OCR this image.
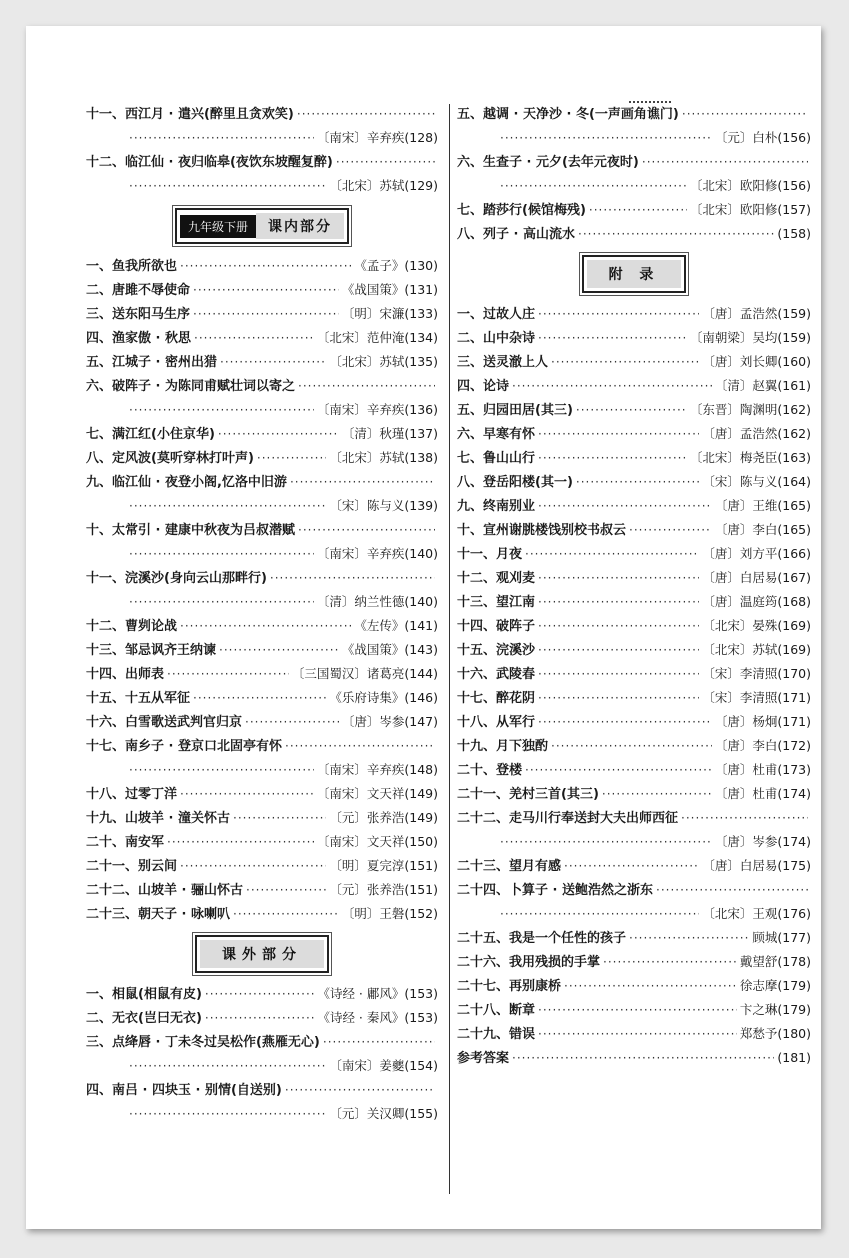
十一、西江月 · 遣兴(醉里且贪欢笑)
·····
·····
〔南宋〕辛弃疾(128)
十二、临江仙 · 夜归临皋(夜饮东坡醒复醉)
·····
·····
〔北宋〕苏轼(129)
九年级下册	课内部分
一、鱼我所欲也 ·····	《孟子》(130)
二、唐雎不辱使命 ·····	《战国策》(131)
三、送东阳马生序 ·····	〔明〕宋濂(133)
四、渔家傲 · 秋思 ·····	〔北宋〕范仲淹(134)
五、江城子 · 密州出猎 ·····	〔北宋〕苏轼(135)
六、破阵子 · 为陈同甫赋壮词以寄之
·····
·····
〔南宋〕辛弃疾(136)
七、满江红(小住京华) ·····	〔清〕秋瑾(137)
八、定风波(莫听穿林打叶声) ·····	〔北宋〕苏轼(138)
九、临江仙 · 夜登小阁,忆洛中旧游
·····
·····
〔宋〕陈与义(139)
十、太常引 · 建康中秋夜为吕叔潜赋
·····
·····
〔南宋〕辛弃疾(140)
十一、浣溪沙(身向云山那畔行)
·····
·····
〔清〕纳兰性德(140)
十二、曹刿论战 ·····	《左传》(141)
十三、邹忌讽齐王纳谏 ·····	《战国策》(143)
十四、出师表 ·····	〔三国蜀汉〕诸葛亮(144)
十五、十五从军征 ·····	《乐府诗集》(146)
十六、白雪歌送武判官归京 ·····	〔唐〕岑参(147)
十七、南乡子 · 登京口北固亭有怀
·····
·····
〔南宋〕辛弃疾(148)
十八、过零丁洋 ·····	〔南宋〕文天祥(149)
十九、山坡羊 · 潼关怀古 ·····	〔元〕张养浩(149)
二十、南安军 ·····	〔南宋〕文天祥(150)
二十一、别云间 ·····	〔明〕夏完淳(151)
二十二、山坡羊 · 骊山怀古 ·····	〔元〕张养浩(151)
二十三、朝天子 · 咏喇叭 ·····	〔明〕王磐(152)
课外部分
一、相鼠(相鼠有皮) ·····	《诗经 · 鄘风》(153)
二、无衣(岂曰无衣) ·····	《诗经 · 秦风》(153)
三、点绛唇 · 丁未冬过吴松作(燕雁无心)
·····
·····
〔南宋〕姜夔(154)
四、南吕 · 四块玉 · 别情(自送别)
·····
·····
〔元〕关汉卿(155)
五、越调 · 天净沙 · 冬(一声画角谯门)
·····
·····
〔元〕白朴(156)
六、生查子 · 元夕(去年元夜时)
·····
·····
〔北宋〕欧阳修(156)
七、踏莎行(候馆梅残) ·····	〔北宋〕欧阳修(157)
八、列子 · 高山流水 ·····	(158)
附 录
一、过故人庄 ·····	〔唐〕孟浩然(159)
二、山中杂诗 ·····	〔南朝梁〕吴均(159)
三、送灵澈上人 ·····	〔唐〕刘长卿(160)
四、论诗 ·····	〔清〕赵翼(161)
五、归园田居(其三) ·····	〔东晋〕陶渊明(162)
六、早寒有怀 ·····	〔唐〕孟浩然(162)
七、鲁山山行 ·····	〔北宋〕梅尧臣(163)
八、登岳阳楼(其一) ·····	〔宋〕陈与义(164)
九、终南别业 ·····	〔唐〕王维(165)
十、宣州谢朓楼饯别校书叔云 ·····	〔唐〕李白(165)
十一、月夜 ·····	〔唐〕刘方平(166)
十二、观刈麦 ·····	〔唐〕白居易(167)
十三、望江南 ·····	〔唐〕温庭筠(168)
十四、破阵子 ·····	〔北宋〕晏殊(169)
十五、浣溪沙 ·····	〔北宋〕苏轼(169)
十六、武陵春 ·····	〔宋〕李清照(170)
十七、醉花阴 ·····	〔宋〕李清照(171)
十八、从军行 ·····	〔唐〕杨炯(171)
十九、月下独酌 ·····	〔唐〕李白(172)
二十、登楼 ·····	〔唐〕杜甫(173)
二十一、羌村三首(其三) ·····	〔唐〕杜甫(174)
二十二、走马川行奉送封大夫出师西征
·····
·····
〔唐〕岑参(174)
二十三、望月有感 ·····	〔唐〕白居易(175)
二十四、卜算子 · 送鲍浩然之浙东
·····
·····
〔北宋〕王观(176)
二十五、我是一个任性的孩子 ·····	顾城(177)
二十六、我用残损的手掌 ·····	戴望舒(178)
二十七、再别康桥 ·····	徐志摩(179)
二十八、断章 ·····	卞之琳(179)
二十九、错误 ·····	郑愁予(180)
参考答案 ·····	(181)
